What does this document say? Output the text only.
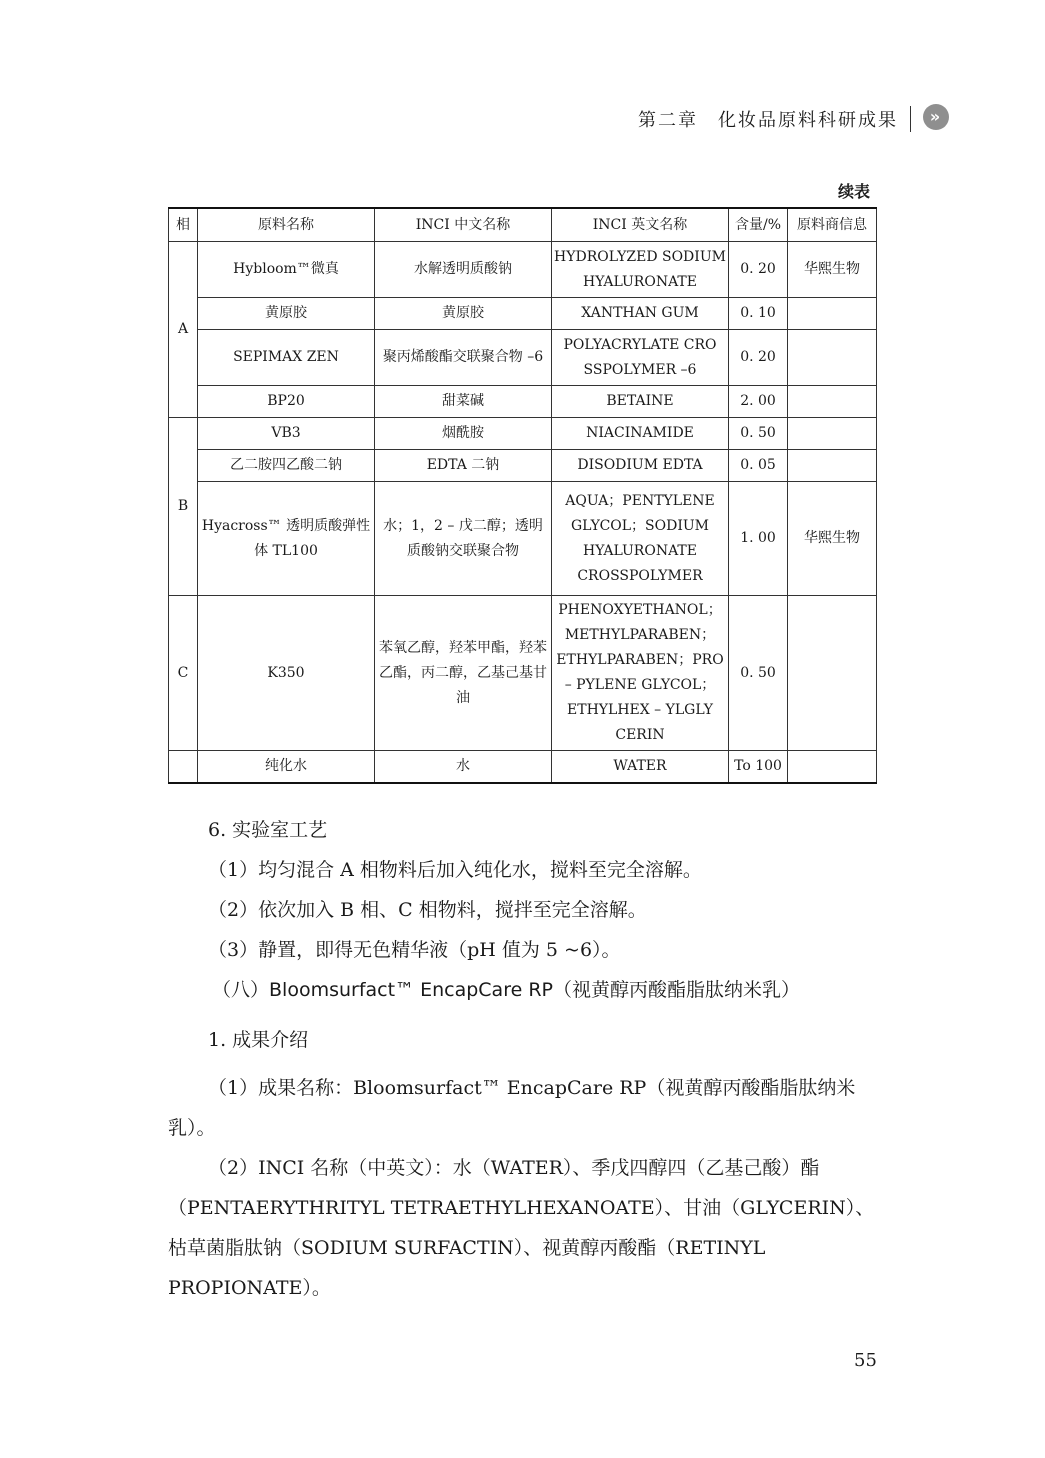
第二章 化妆品原料科研成果	»
续表
相	原料名称	INCI 中文名称	INCI 英文名称	含量/%	原料商信息
A	Hybloom™微真	水解透明质酸钠	HYDROLYZED SODIUM HYALURONATE	0. 20	华熙生物
	黄原胶	黄原胶	XANTHAN GUM	0. 10	
	SEPIMAX ZEN	聚丙烯酸酯交联聚合物 –6	POLYACRYLATE CRO SSPOLYMER –6	0. 20	
	BP20	甜菜碱	BETAINE	2. 00	
B	VB3	烟酰胺	NIACINAMIDE	0. 50	
	乙二胺四乙酸二钠	EDTA 二钠	DISODIUM EDTA	0. 05	
	Hyacross™ 透明质酸弹性体 TL100	水；1，2 – 戊二醇；透明质酸钠交联聚合物	AQUA；PENTYLENE GLYCOL；SODIUM HYALURONATE CROSSPOLYMER	1. 00	华熙生物
C	K350	苯氧乙醇，羟苯甲酯，羟苯乙酯，丙二醇，乙基己基甘油	PHENOXYETHANOL；METHYLPARABEN；ETHYLPARABEN；PRO – PYLENE GLYCOL；ETHYLHEX – YLGLY CERIN	0. 50	
	纯化水	水	WATER	To 100	
6. 实验室工艺
（1）均匀混合 A 相物料后加入纯化水，搅料至完全溶解。
（2）依次加入 B 相、C 相物料，搅拌至完全溶解。
（3）静置，即得无色精华液（pH 值为 5 ~6）。
（八）Bloomsurfact™ EncapCare RP（视黄醇丙酸酯脂肽纳米乳）
1. 成果介绍
（1）成果名称：Bloomsurfact™ EncapCare RP（视黄醇丙酸酯脂肽纳米乳）。
（2）INCI 名称（中英文）：水（WATER）、季戊四醇四（乙基己酸）酯（PENTAERYTHRITYL TETRAETHYLHEXANOATE）、甘油（GLYCERIN）、枯草菌脂肽钠（SODIUM SURFACTIN）、视黄醇丙酸酯（RETINYL PROPIONATE）。
55
